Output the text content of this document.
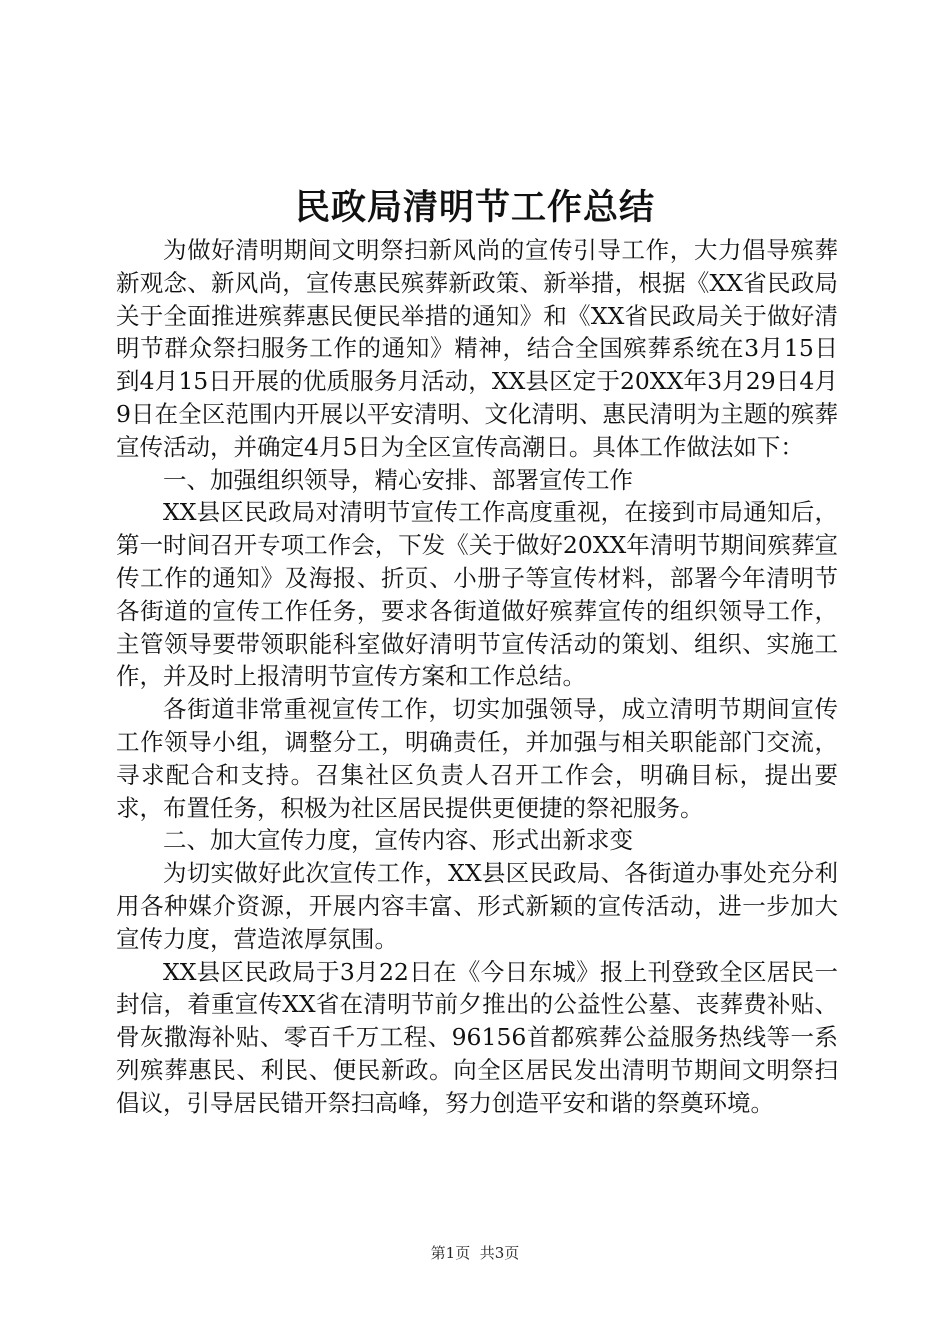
民政局清明节工作总结

为做好清明期间文明祭扫新风尚的宣传引导工作，大力倡导殡葬新观念、新风尚，宣传惠民殡葬新政策、新举措，根据《XX省民政局关于全面推进殡葬惠民便民举措的通知》和《XX省民政局关于做好清明节群众祭扫服务工作的通知》精神，结合全国殡葬系统在3月15日到4月15日开展的优质服务月活动，XX县区定于20XX年3月29日4月9日在全区范围内开展以平安清明、文化清明、惠民清明为主题的殡葬宣传活动，并确定4月5日为全区宣传高潮日。具体工作做法如下：

一、加强组织领导，精心安排、部署宣传工作

XX县区民政局对清明节宣传工作高度重视，在接到市局通知后，第一时间召开专项工作会，下发《关于做好20XX年清明节期间殡葬宣传工作的通知》及海报、折页、小册子等宣传材料，部署今年清明节各街道的宣传工作任务，要求各街道做好殡葬宣传的组织领导工作，主管领导要带领职能科室做好清明节宣传活动的策划、组织、实施工作，并及时上报清明节宣传方案和工作总结。

各街道非常重视宣传工作，切实加强领导，成立清明节期间宣传工作领导小组，调整分工，明确责任，并加强与相关职能部门交流，寻求配合和支持。召集社区负责人召开工作会，明确目标，提出要求，布置任务，积极为社区居民提供更便捷的祭祀服务。

二、加大宣传力度，宣传内容、形式出新求变

为切实做好此次宣传工作，XX县区民政局、各街道办事处充分利用各种媒介资源，开展内容丰富、形式新颖的宣传活动，进一步加大宣传力度，营造浓厚氛围。

XX县区民政局于3月22日在《今日东城》报上刊登致全区居民一封信，着重宣传XX省在清明节前夕推出的公益性公墓、丧葬费补贴、骨灰撒海补贴、零百千万工程、96156首都殡葬公益服务热线等一系列殡葬惠民、利民、便民新政。向全区居民发出清明节期间文明祭扫倡议，引导居民错开祭扫高峰，努力创造平安和谐的祭奠环境。

第1页 共3页
